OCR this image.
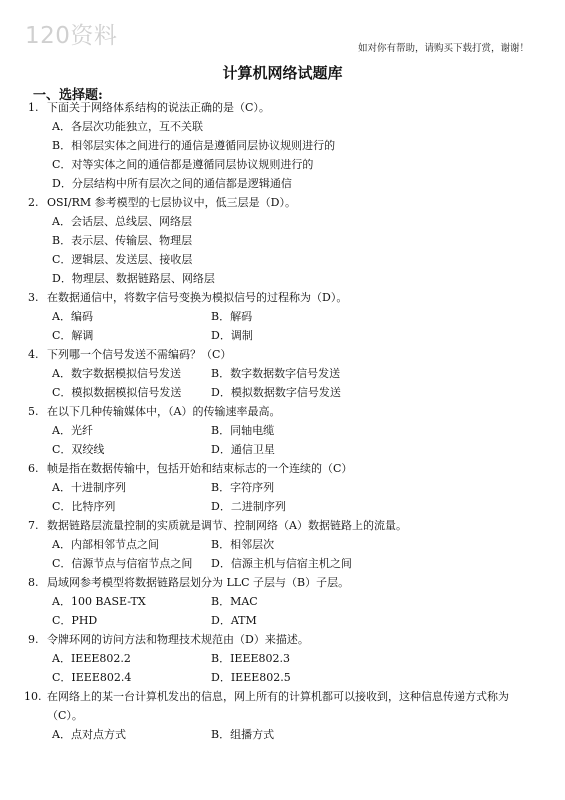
120资料	如对你有帮助，请购买下载打赏，谢谢！
计算机网络试题库
一、选择题:
1. 下面关于网络体系结构的说法正确的是（C）。
A．各层次功能独立，互不关联
B．相邻层实体之间进行的通信是遵循同层协议规则进行的
C．对等实体之间的通信都是遵循同层协议规则进行的
D．分层结构中所有层次之间的通信都是逻辑通信
2. OSI/RM 参考模型的七层协议中，低三层是（D）。
A．会话层、总线层、网络层
B．表示层、传输层、物理层
C．逻辑层、发送层、接收层
D．物理层、数据链路层、网络层
3. 在数据通信中，将数字信号变换为模拟信号的过程称为（D）。
A．编码	B．解码
C．解调	D．调制
4. 下列哪一个信号发送不需编码？（C）
A．数字数据模拟信号发送	B．数字数据数字信号发送
C．模拟数据模拟信号发送	D．模拟数据数字信号发送
5. 在以下几种传输媒体中，（A）的传输速率最高。
A．光纤	B．同轴电缆
C．双绞线	D．通信卫星
6. 帧是指在数据传输中，包括开始和结束标志的一个连续的（C）
A．十进制序列	B．字符序列
C．比特序列	D．二进制序列
7. 数据链路层流量控制的实质就是调节、控制网络（A）数据链路上的流量。
A．内部相邻节点之间	B．相邻层次
C．信源节点与信宿节点之间 D．信源主机与信宿主机之间
8. 局域网参考模型将数据链路层划分为 LLC 子层与（B）子层。
A．100 BASE-TX	B．MAC
C．PHD	D．ATM
9. 令牌环网的访问方法和物理技术规范由（D）来描述。
A．IEEE802.2	B．IEEE802.3
C．IEEE802.4	D．IEEE802.5
10. 在网络上的某一台计算机发出的信息，网上所有的计算机都可以接收到，这种信息传递方式称为（C）。
A．点对点方式	B．组播方式
